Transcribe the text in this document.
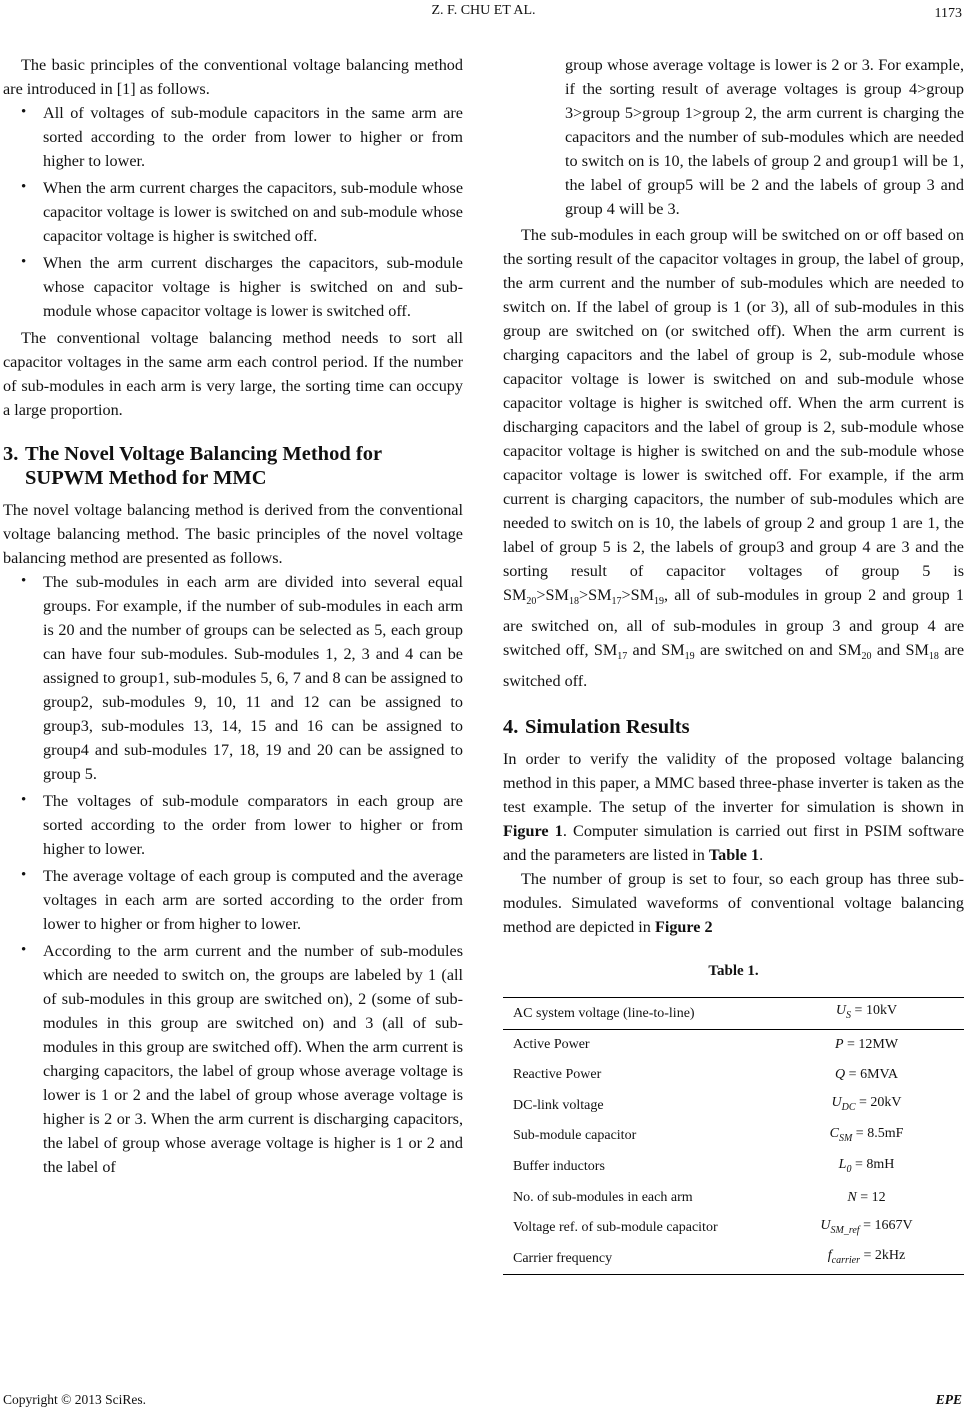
Z. F. CHU ET AL.	1173

The basic principles of the conventional voltage balancing method are introduced in [1] as follows.

• All of voltages of sub-module capacitors in the same arm are sorted according to the order from lower to higher or from higher to lower.
• When the arm current charges the capacitors, sub-module whose capacitor voltage is lower is switched on and sub-module whose capacitor voltage is higher is switched off.
• When the arm current discharges the capacitors, sub-module whose capacitor voltage is higher is switched on and sub-module whose capacitor voltage is lower is switched off.

The conventional voltage balancing method needs to sort all capacitor voltages in the same arm each control period. If the number of sub-modules in each arm is very large, the sorting time can occupy a large proportion.

3. The Novel Voltage Balancing Method for
SUPWM Method for MMC

The novel voltage balancing method is derived from the conventional voltage balancing method. The basic principles of the novel voltage balancing method are presented as follows.

• The sub-modules in each arm are divided into several equal groups. For example, if the number of sub-modules in each arm is 20 and the number of groups can be selected as 5, each group can have four sub-modules. Sub-modules 1, 2, 3 and 4 can be assigned to group1, sub-modules 5, 6, 7 and 8 can be assigned to group2, sub-modules 9, 10, 11 and 12 can be assigned to group3, sub-modules 13, 14, 15 and 16 can be assigned to group4 and sub-modules 17, 18, 19 and 20 can be assigned to group 5.
• The voltages of sub-module comparators in each group are sorted according to the order from lower to higher or from higher to lower.
• The average voltage of each group is computed and the average voltages in each arm are sorted according to the order from lower to higher or from higher to lower.
• According to the arm current and the number of sub-modules which are needed to switch on, the groups are labeled by 1 (all of sub-modules in this group are switched on), 2 (some of sub-modules in this group are switched on) and 3 (all of sub-modules in this group are switched off). When the arm current is charging capacitors, the label of group whose average voltage is lower is 1 or 2 and the label of group whose average voltage is higher is 2 or 3. When the arm current is discharging capacitors, the label of group whose average voltage is higher is 1 or 2 and the label of

group whose average voltage is lower is 2 or 3. For example, if the sorting result of average voltages is group 4>group 3>group 5>group 1>group 2, the arm current is charging the capacitors and the number of sub-modules which are needed to switch on is 10, the labels of group 2 and group1 will be 1, the label of group5 will be 2 and the labels of group 3 and group 4 will be 3.

The sub-modules in each group will be switched on or off based on the sorting result of the capacitor voltages in group, the label of group, the arm current and the number of sub-modules which are needed to switch on. If the label of group is 1 (or 3), all of sub-modules in this group are switched on (or switched off). When the arm current is charging capacitors and the label of group is 2, sub-module whose capacitor voltage is lower is switched on and sub-module whose capacitor voltage is higher is switched off. When the arm current is discharging capacitors and the label of group is 2, sub-module whose capacitor voltage is higher is switched on and the sub-module whose capacitor voltage is lower is switched off. For example, if the arm current is charging capacitors, the number of sub-modules which are needed to switch on is 10, the labels of group 2 and group 1 are 1, the label of group 5 is 2, the labels of group3 and group 4 are 3 and the sorting result of capacitor voltages of group 5 is $SM_{20}>SM_{18}>SM_{17}>SM_{19}$, all of sub-modules in group 2 and group 1 are switched on, all of sub-modules in group 3 and group 4 are switched off, $SM_{17}$ and $SM_{19}$ are switched on and $SM_{20}$ and $SM_{18}$ are switched off.

4. Simulation Results

In order to verify the validity of the proposed voltage balancing method in this paper, a MMC based three-phase inverter is taken as the test example. The setup of the inverter for simulation is shown in Figure 1. Computer simulation is carried out first in PSIM software and the parameters are listed in Table 1.

The number of group is set to four, so each group has three sub-modules. Simulated waveforms of conventional voltage balancing method are depicted in Figure 2

Table 1.
AC system voltage (line-to-line)	$U_S = 10kV$
Active Power	P = 12MW
Reactive Power	Q = 6MVA
DC-link voltage	$U_{DC} = 20kV$
Sub-module capacitor	$C_{SM} = 8.5mF$
Buffer inductors	$L_0 = 8mH$
No. of sub-modules in each arm	N = 12
Voltage ref. of sub-module capacitor	$U_{SM\_ref} = 1667V$
Carrier frequency	$f_{carrier} = 2kHz$
Copyright © 2013 SciRes.	EPE
